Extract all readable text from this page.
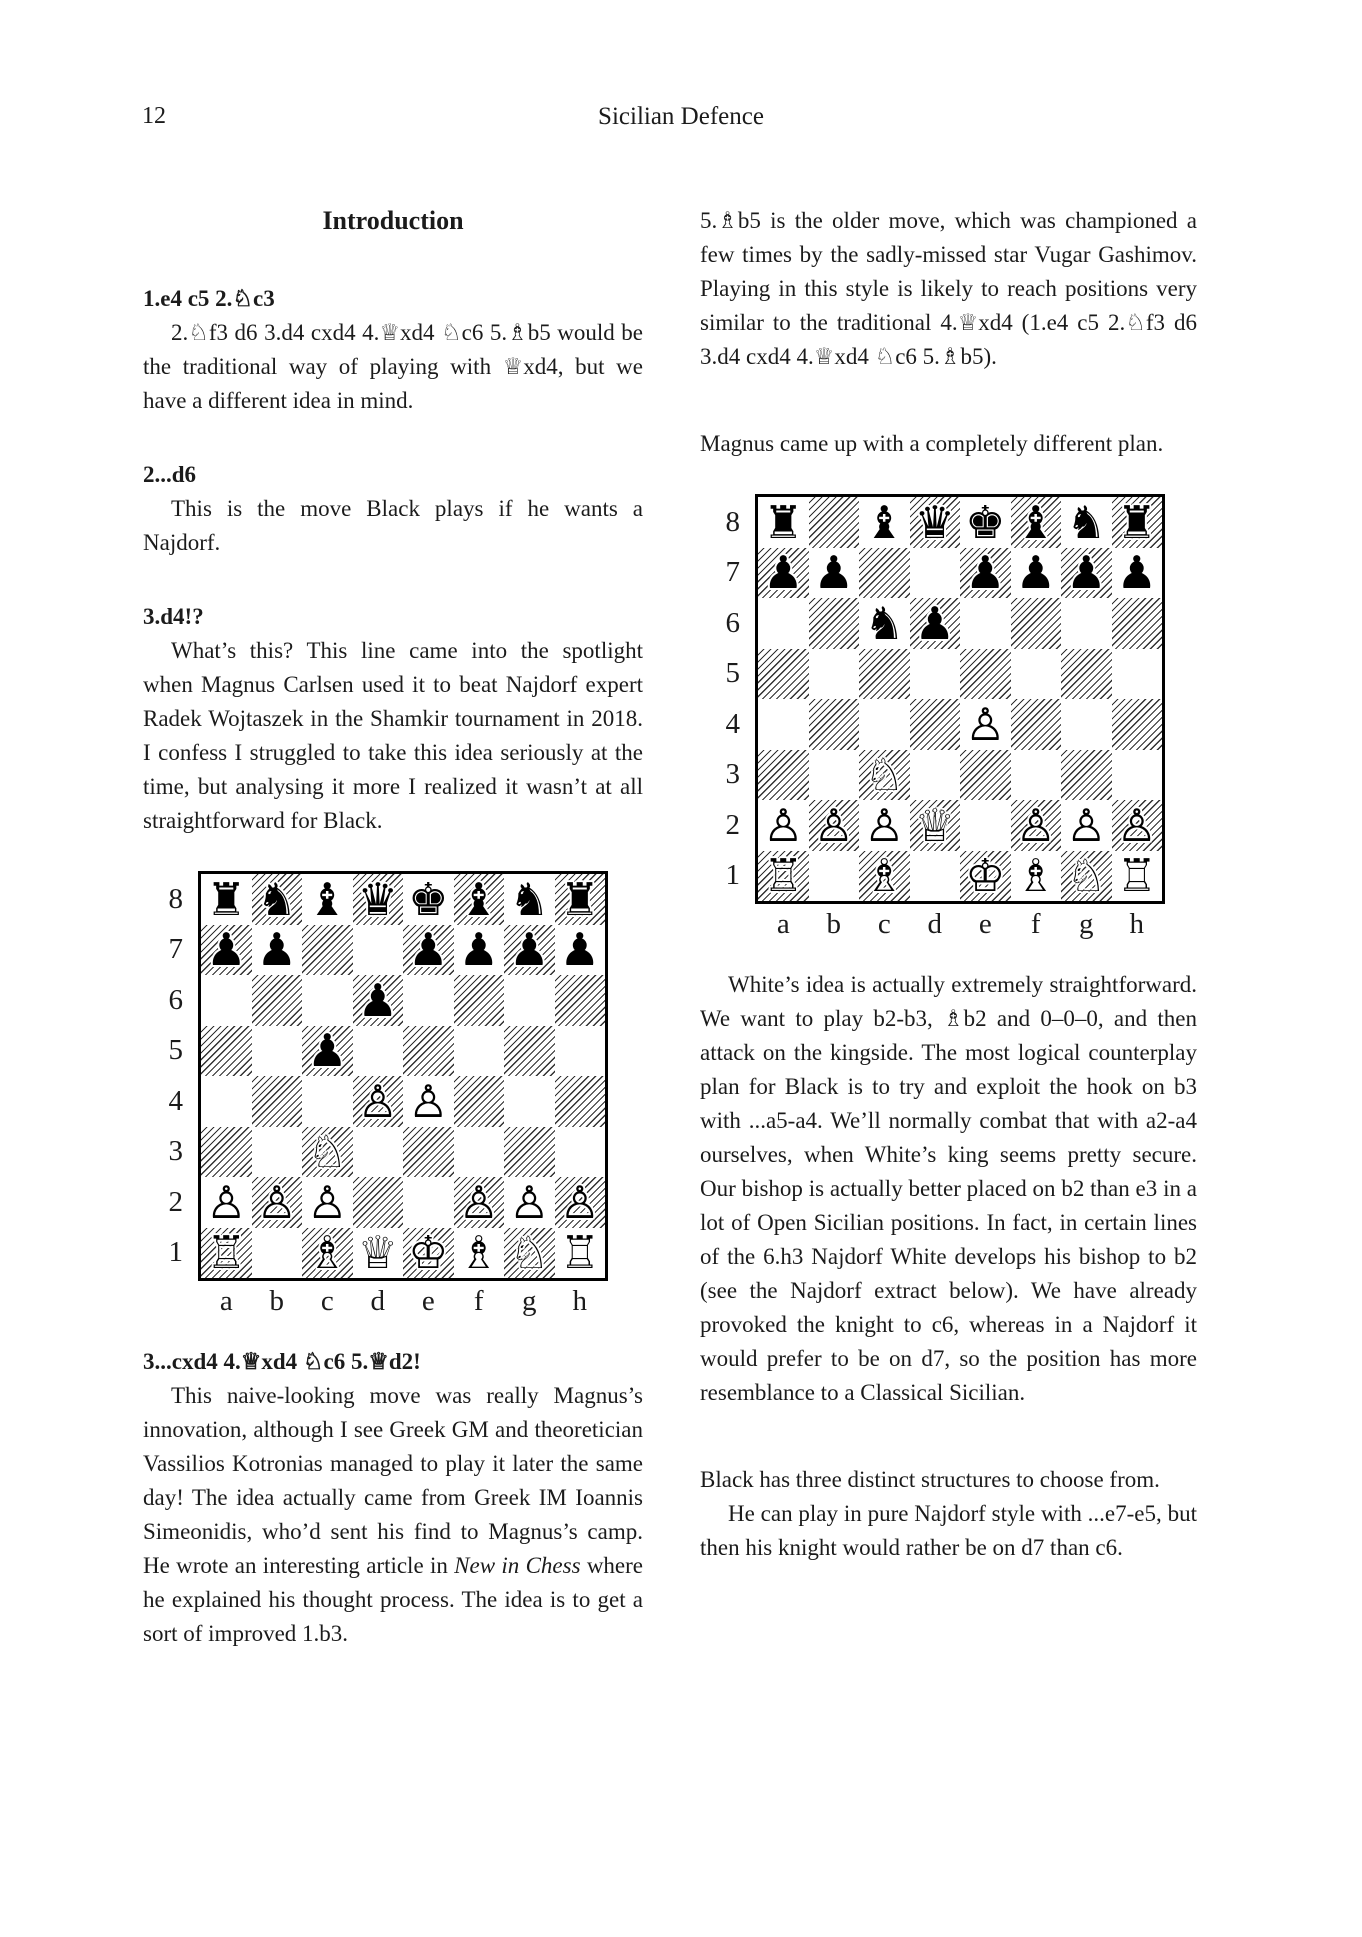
12	Sicilian Defence
Introduction
1.e4 c5 2.♘c3

2.♘f3 d6 3.d4 cxd4 4.♕xd4 ♘c6 5.♗b5 would be the traditional way of playing with ♕xd4, but we have a different idea in mind.

2...d6

This is the move Black plays if he wants a Najdorf.

3.d4!?

What’s this? This line came into the spotlight when Magnus Carlsen used it to beat Najdorf expert Radek Wojtaszek in the Shamkir tournament in 2018. I confess I struggled to take this idea seriously at the time, but analysing it more I realized it wasn’t at all straightforward for Black.

8
7
6
5
4
3
2
1
♜ ♞ ♝ ♛ ♚ ♝ ♞ ♜
♟ ♟ ♟ ♟ ♟ ♟
♟
♟
♙ ♙
♘
♙ ♙ ♙ ♙ ♙ ♙
♖ ♗ ♕ ♔ ♗ ♘ ♖
a b c d e f g h
3...cxd4 4.♕xd4 ♘c6 5.♕d2!

This naive-looking move was really Magnus’s innovation, although I see Greek GM and theoretician Vassilios Kotronias managed to play it later the same day! The idea actually came from Greek IM Ioannis Simeonidis, who’d sent his find to Magnus’s camp. He wrote an interesting article in New in Chess where he explained his thought process. The idea is to get a sort of improved 1.b3.

5.♗b5 is the older move, which was championed a few times by the sadly-missed star Vugar Gashimov. Playing in this style is likely to reach positions very similar to the traditional 4.♕xd4 (1.e4 c5 2.♘f3 d6 3.d4 cxd4 4.♕xd4 ♘c6 5.♗b5).

Magnus came up with a completely different plan.

8
7
6
5
4
3
2
1
♜ ♝ ♛ ♚ ♝ ♞ ♜
♟ ♟ ♟ ♟ ♟ ♟
♞ ♟
♙
♘
♙ ♙ ♙ ♕ ♙ ♙ ♙
♖ ♗ ♔ ♗ ♘ ♖
a b c d e f g h

White’s idea is actually extremely straightforward. We want to play b2-b3, ♗b2 and 0–0–0, and then attack on the kingside. The most logical counterplay plan for Black is to try and exploit the hook on b3 with ...a5-a4. We’ll normally combat that with a2-a4 ourselves, when White’s king seems pretty secure. Our bishop is actually better placed on b2 than e3 in a lot of Open Sicilian positions. In fact, in certain lines of the 6.h3 Najdorf White develops his bishop to b2 (see the Najdorf extract below). We have already provoked the knight to c6, whereas in a Najdorf it would prefer to be on d7, so the position has more resemblance to a Classical Sicilian.

Black has three distinct structures to choose from.

He can play in pure Najdorf style with ...e7-e5, but then his knight would rather be on d7 than c6.
